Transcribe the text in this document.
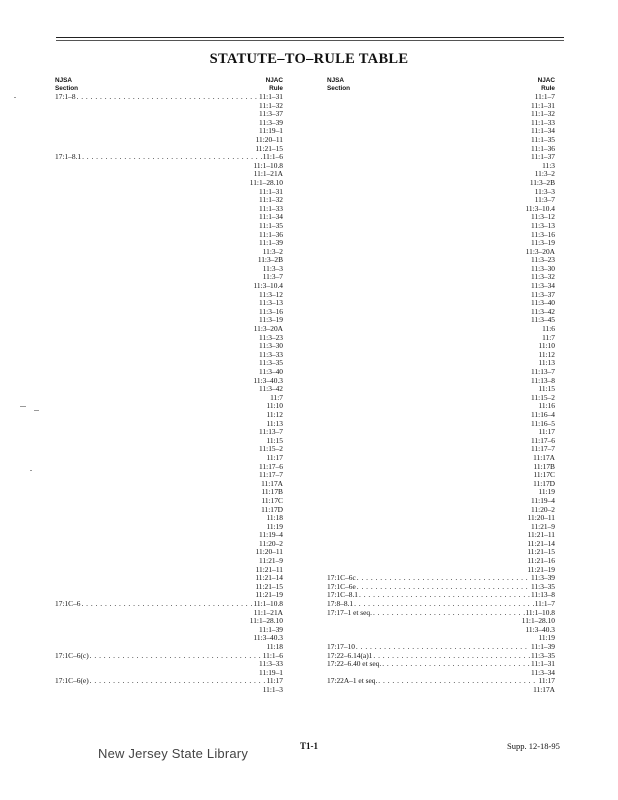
STATUTE–TO–RULE TABLE
NJSA
Section
NJAC
Rule
17:1–8 . . .	11:1–31
11:1–32
11:3–37
11:3–39
11:19–1
11:20–11
11:21–15
17:1–8.1 . . .	11:1–6
11:1–10.8
11:1–21A
11:1–28.10
11:1–31
11:1–32
11:1–33
11:1–34
11:1–35
11:1–36
11:1–39
11:3–2
11:3–2B
11:3–3
11:3–7
11:3–10.4
11:3–12
11:3–13
11:3–16
11:3–19
11:3–20A
11:3–23
11:3–30
11:3–33
11:3–35
11:3–40
11:3–40.3
11:3–42
11:7
11:10
11:12
11:13
11:13–7
11:15
11:15–2
11:17
11:17–6
11:17–7
11:17A
11:17B
11:17C
11:17D
11:18
11:19
11:19–4
11:20–2
11:20–11
11:21–9
11:21–11
11:21–14
11:21–15
11:21–19
17:1C–6 . . .	11:1–10.8
11:1–21A
11:1–28.10
11:1–39
11:3–40.3
11:18
17:1C–6(c) . . .	11:1–6
11:3–33
11:19–1
17:1C–6(e) . . .	11:17
11:1–3
NJSA
Section
NJAC
Rule
11:1–7
11:1–31
11:1–32
11:1–33
11:1–34
11:1–35
11:1–36
11:1–37
11:3
11:3–2
11:3–2B
11:3–3
11:3–7
11:3–10.4
11:3–12
11:3–13
11:3–16
11:3–19
11:3–20A
11:3–23
11:3–30
11:3–32
11:3–34
11:3–37
11:3–40
11:3–42
11:3–45
11:6
11:7
11:10
11:12
11:13
11:13–7
11:13–8
11:15
11:15–2
11:16
11:16–4
11:16–5
11:17
11:17–6
11:17–7
11:17A
11:17B
11:17C
11:17D
11:19
11:19–4
11:20–2
11:20–11
11:21–9
11:21–11
11:21–14
11:21–15
11:21–16
11:21–19
17:1C–6c . . .	11:3–39
17:1C–6e . . .	11:3–35
17:1C–8.1 . . .	11:13–8
17:8–8.1 . . .	11:1–7
17:17–1 et seq. . . .	11:1–10.8
11:1–28.10
11:3–40.3
11:19
17:17–10 . . .	11:1–39
17:22–6.14(a)1 . . .	11:3–35
17:22–6.40 et seq. . . .	11:1–31
11:3–34
17:22A–1 et seq. . . .	11:17
11:17A
New Jersey State Library	T1-1	Supp. 12-18-95
